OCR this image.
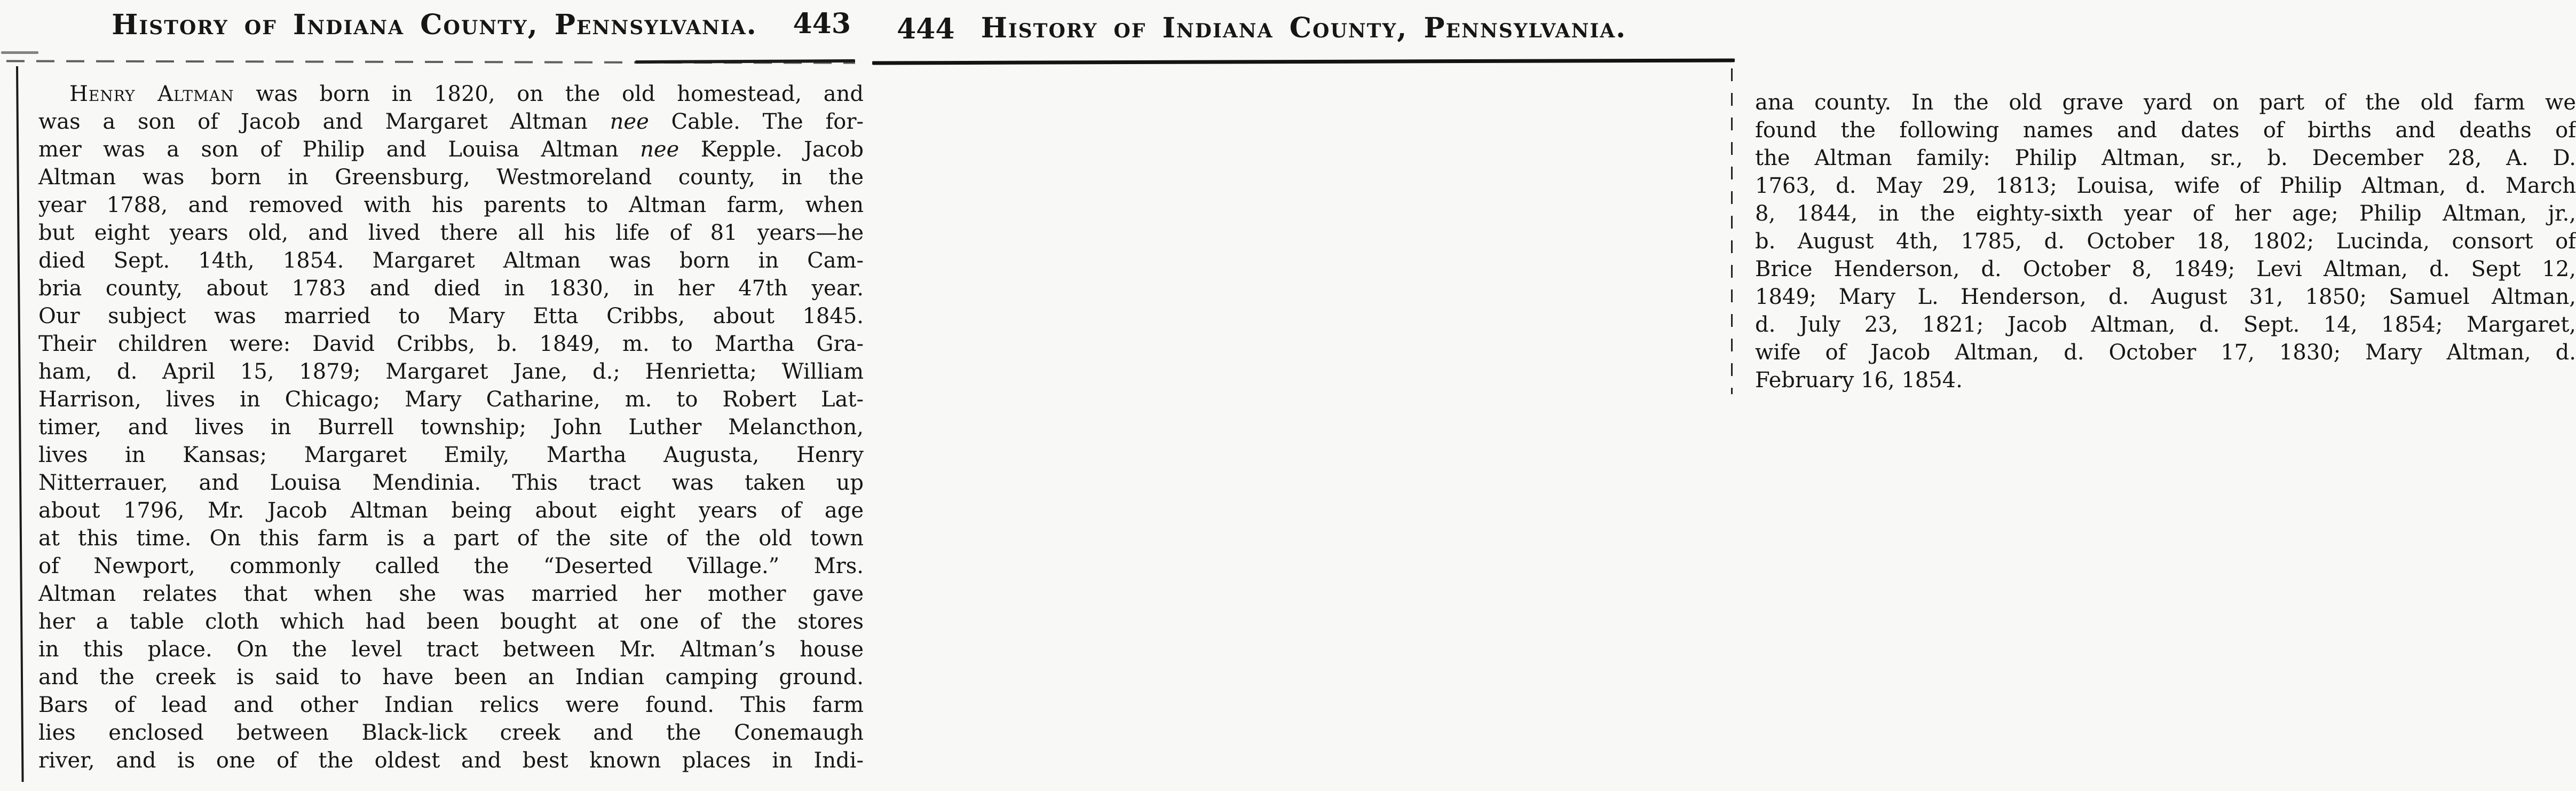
History of Indiana County, Pennsylvania.	443
Henry Altman was born in 1820, on the old homestead, and
was a son of Jacob and Margaret Altman nee Cable. The for-
mer was a son of Philip and Louisa Altman nee Kepple. Jacob
Altman was born in Greensburg, Westmoreland county, in the
year 1788, and removed with his parents to Altman farm, when
but eight years old, and lived there all his life of 81 years—he
died Sept. 14th, 1854. Margaret Altman was born in Cam-
bria county, about 1783 and died in 1830, in her 47th year.
Our subject was married to Mary Etta Cribbs, about 1845.
Their children were: David Cribbs, b. 1849, m. to Martha Gra-
ham, d. April 15, 1879; Margaret Jane, d.; Henrietta; William
Harrison, lives in Chicago; Mary Catharine, m. to Robert Lat-
timer, and lives in Burrell township; John Luther Melancthon,
lives in Kansas; Margaret Emily, Martha Augusta, Henry
Nitterrauer, and Louisa Mendinia. This tract was taken up
about 1796, Mr. Jacob Altman being about eight years of age
at this time. On this farm is a part of the site of the old town
of Newport, commonly called the “Deserted Village.” Mrs.
Altman relates that when she was married her mother gave
her a table cloth which had been bought at one of the stores
in this place. On the level tract between Mr. Altman’s house
and the creek is said to have been an Indian camping ground.
Bars of lead and other Indian relics were found. This farm
lies enclosed between Black-lick creek and the Conemaugh
river, and is one of the oldest and best known places in Indi-
History of Indiana County, Pennsylvania.
444
ana county. In the old grave yard on part of the old farm we
found the following names and dates of births and deaths of
the Altman family: Philip Altman, sr., b. December 28, A. D.
1763, d. May 29, 1813; Louisa, wife of Philip Altman, d. March
8, 1844, in the eighty-sixth year of her age; Philip Altman, jr.,
b. August 4th, 1785, d. October 18, 1802; Lucinda, consort of
Brice Henderson, d. October 8, 1849; Levi Altman, d. Sept 12,
1849; Mary L. Henderson, d. August 31, 1850; Samuel Altman,
d. July 23, 1821; Jacob Altman, d. Sept. 14, 1854; Margaret,
wife of Jacob Altman, d. October 17, 1830; Mary Altman, d.
February 16, 1854.
